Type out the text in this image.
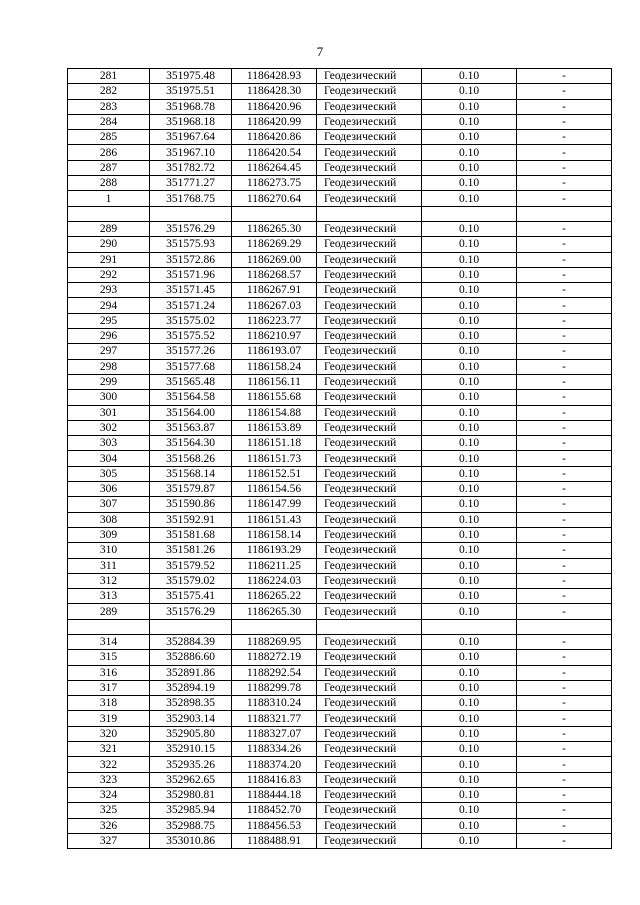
7
281	351975.48	1186428.93	Геодезический	0.10	-
282	351975.51	1186428.30	Геодезический	0.10	-
283	351968.78	1186420.96	Геодезический	0.10	-
284	351968.18	1186420.99	Геодезический	0.10	-
285	351967.64	1186420.86	Геодезический	0.10	-
286	351967.10	1186420.54	Геодезический	0.10	-
287	351782.72	1186264.45	Геодезический	0.10	-
288	351771.27	1186273.75	Геодезический	0.10	-
1	351768.75	1186270.64	Геодезический	0.10	-

289	351576.29	1186265.30	Геодезический	0.10	-
290	351575.93	1186269.29	Геодезический	0.10	-
291	351572.86	1186269.00	Геодезический	0.10	-
292	351571.96	1186268.57	Геодезический	0.10	-
293	351571.45	1186267.91	Геодезический	0.10	-
294	351571.24	1186267.03	Геодезический	0.10	-
295	351575.02	1186223.77	Геодезический	0.10	-
296	351575.52	1186210.97	Геодезический	0.10	-
297	351577.26	1186193.07	Геодезический	0.10	-
298	351577.68	1186158.24	Геодезический	0.10	-
299	351565.48	1186156.11	Геодезический	0.10	-
300	351564.58	1186155.68	Геодезический	0.10	-
301	351564.00	1186154.88	Геодезический	0.10	-
302	351563.87	1186153.89	Геодезический	0.10	-
303	351564.30	1186151.18	Геодезический	0.10	-
304	351568.26	1186151.73	Геодезический	0.10	-
305	351568.14	1186152.51	Геодезический	0.10	-
306	351579.87	1186154.56	Геодезический	0.10	-
307	351590.86	1186147.99	Геодезический	0.10	-
308	351592.91	1186151.43	Геодезический	0.10	-
309	351581.68	1186158.14	Геодезический	0.10	-
310	351581.26	1186193.29	Геодезический	0.10	-
311	351579.52	1186211.25	Геодезический	0.10	-
312	351579.02	1186224.03	Геодезический	0.10	-
313	351575.41	1186265.22	Геодезический	0.10	-
289	351576.29	1186265.30	Геодезический	0.10	-

314	352884.39	1188269.95	Геодезический	0.10	-
315	352886.60	1188272.19	Геодезический	0.10	-
316	352891.86	1188292.54	Геодезический	0.10	-
317	352894.19	1188299.78	Геодезический	0.10	-
318	352898.35	1188310.24	Геодезический	0.10	-
319	352903.14	1188321.77	Геодезический	0.10	-
320	352905.80	1188327.07	Геодезический	0.10	-
321	352910.15	1188334.26	Геодезический	0.10	-
322	352935.26	1188374.20	Геодезический	0.10	-
323	352962.65	1188416.83	Геодезический	0.10	-
324	352980.81	1188444.18	Геодезический	0.10	-
325	352985.94	1188452.70	Геодезический	0.10	-
326	352988.75	1188456.53	Геодезический	0.10	-
327	353010.86	1188488.91	Геодезический	0.10	-
